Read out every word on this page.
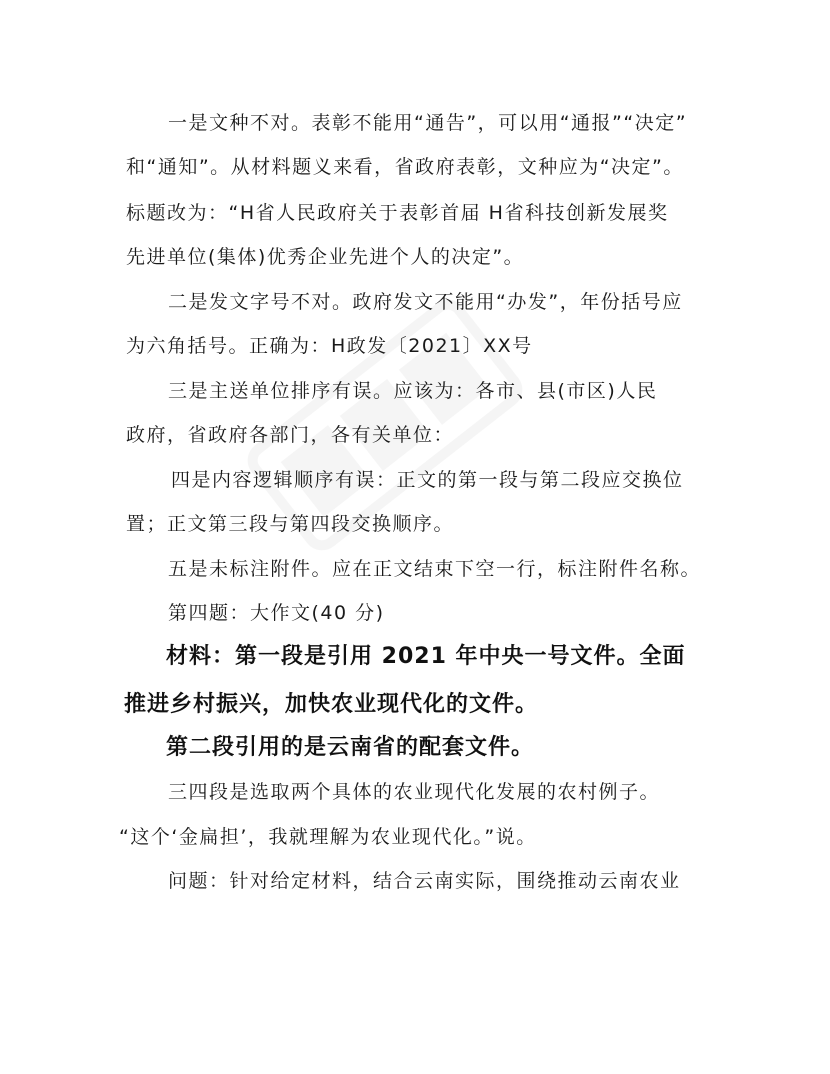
一是文种不对。表彰不能用“通告”，可以用“通报”“决定”
和“通知”。从材料题义来看，省政府表彰，文种应为“决定”。
标题改为：“H省人民政府关于表彰首届 H省科技创新发展奖
先进单位(集体)优秀企业先进个人的决定”。
二是发文字号不对。政府发文不能用“办发”，年份括号应
为六角括号。正确为：H政发〔2021〕XX号
三是主送单位排序有误。应该为：各市、县(市区)人民
政府，省政府各部门，各有关单位：
四是内容逻辑顺序有误：正文的第一段与第二段应交换位
置；正文第三段与第四段交换顺序。
五是未标注附件。应在正文结束下空一行，标注附件名称。
第四题：大作文(40 分)
材料：第一段是引用 2021 年中央一号文件。全面
推进乡村振兴，加快农业现代化的文件。
第二段引用的是云南省的配套文件。
三四段是选取两个具体的农业现代化发展的农村例子。
“这个‘金扁担’，我就理解为农业现代化。”说。
问题：针对给定材料，结合云南实际，围绕推动云南农业
